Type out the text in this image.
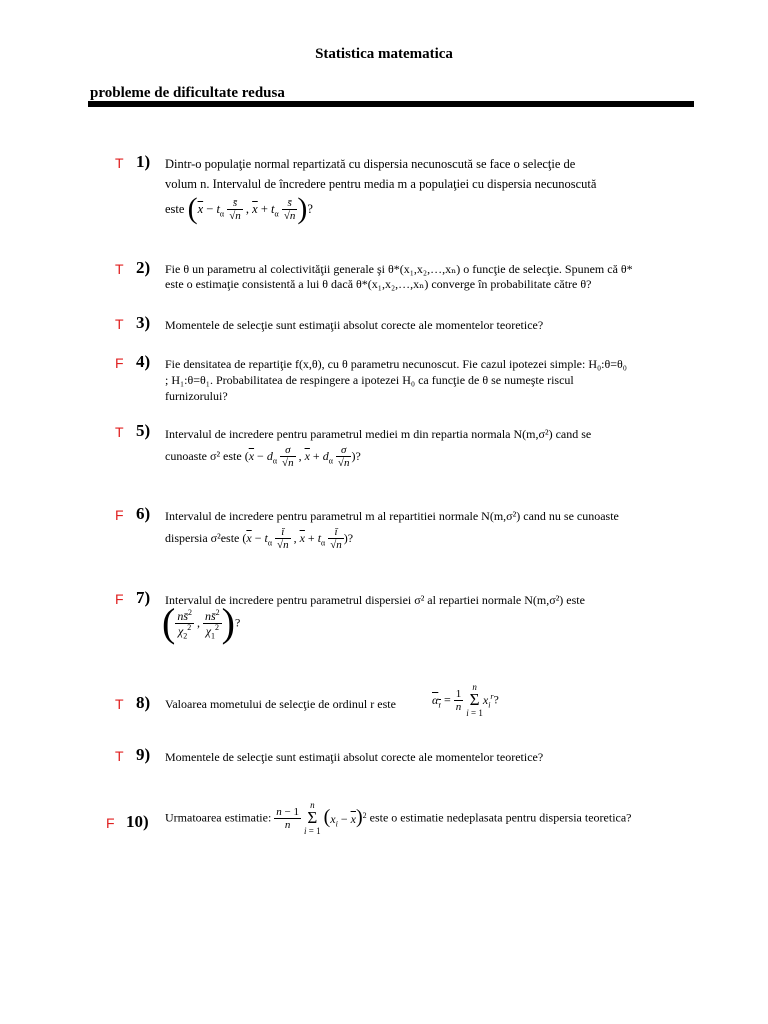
Statistica matematica
probleme de dificultate redusa
T 1) Dintr-o populaţie normal repartizată cu dispersia necunoscută se face o selecţie de
volum n. Intervalul de încredere pentru media m a populaţiei cu dispersia necunoscută
este ($\overline{x} - t_\alpha \frac{s̄}{√n}$ , $\overline{x} + t_\alpha \frac{s̄}{√n}$ )?
T 2) Fie θ un parametru al colectivităţii generale şi θ*(x₁,x₂,…,xₙ) o funcţie de selecţie. Spunem că θ*
este o estimaţie consistentă a lui θ dacă θ*(x₁,x₂,…,xₙ) converge în probabilitate către θ?
T 3) Momentele de selecţie sunt estimaţii absolut corecte ale momentelor teoretice?
F 4) Fie densitatea de repartiţie f(x,θ), cu θ parametru necunoscut. Fie cazul ipotezei simple: H₀:θ=θ₀
; H₁:θ=θ₁. Probabilitatea de respingere a ipotezei H₀ ca funcţie de θ se numeşte riscul
furnizorului?
T 5) Intervalul de incredere pentru parametrul mediei m din repartia normala N(m,σ²) cand se
cunoaste σ² este ($\overline{x} - d_\alpha \frac{\sigma}{√n}$ , $\overline{x} + d_\alpha \frac{\sigma}{√n}$ )?
F 6) Intervalul de incredere pentru parametrul m al repartitiei normale N(m,σ²) cand nu se cunoaste
dispersia σ²este ($\overline{x} - t_\alpha \frac{ĭ}{√n}$ , $\overline{x} + t_\alpha \frac{ĭ}{√n}$ )?
F 7) Intervalul de incredere pentru parametrul dispersiei σ² al repartiei normale N(m,σ²) este
( $\frac{ns̄^2}{\chi_2^2}$ , $\frac{ns̄^2}{\chi_1^2}$ )?
T 8) Valoarea mometului de selecţie de ordinul r este	$\alpha_r = \frac{1}{n}$
n
Σ
$i = 1x_i^r$?
T 9) Momentele de selecţie sunt estimaţii absolut corecte ale momentelor teoretice?
F 10) Urmatoarea estimatie: $\frac{n - 1}{n}$
n
Σ
i = 1 $(x_i - \overline{x})^2$ este o estimatie nedeplasata pentru dispersia teoretica?
